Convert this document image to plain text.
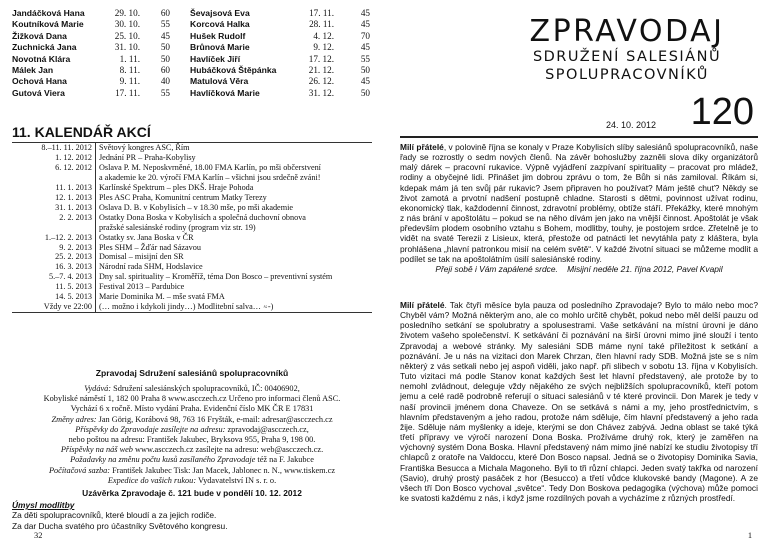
Jandáčková Hana
Koutníková Marie
Žižková Dana
Zuchnická Jana
Novotná Klára
Málek Jan
Ochová Hana
Gutová Viera
29. 10.
30. 10.
25. 10.
31. 10.
1. 11.
8. 11.
9. 11.
17. 11.
60
55
45
50
50
60
40
55
Ševajsová Eva
Korcová Halka
Hušek Rudolf
Brůnová Marie
Havlíček Jiří
Hubáčková Štěpánka
Matulová Věra
Havlíčková Marie
17. 11.
28. 11.
4. 12.
9. 12.
17. 12.
21. 12.
26. 12.
31. 12.
45
45
70
45
55
50
45
50
11. KALENDÁŘ AKCÍ
8.–11. 11. 2012 Světový kongres ASC, Řím
1. 12. 2012 Jednání PR – Praha-Kobylisy
6. 12. 2012 Oslava P. M. Neposkvrněné, 18.00 FMA Karlín, po mši občerstvení
a akademie ke 20. výročí FMA Karlín – všichni jsou srdečně zváni!
11. 1. 2013 Karlínské Spektrum – ples DKŠ. Hraje Pohoda
12. 1. 2013 Ples ASC Praha, Komunitní centrum Matky Terezy
31. 1. 2013 Oslava D. B. v Kobylisích – v 18.30 mše, po mši akademie
2. 2. 2013 Ostatky Dona Boska v Kobylisích a společná duchovní obnova
pražské salesiánské rodiny (program viz str. 19)
1.–12. 2. 2013 Ostatky sv. Jana Boska v ČR
9. 2. 2013 Ples SHM – Žďár nad Sázavou
25. 2. 2013 Domisal – misijní den SR
16. 3. 2013 Národní rada SHM, Hodslavice
5.–7. 4. 2013 Dny sal. spirituality – Kroměříž, téma Don Bosco – preventivní systém
11. 5. 2013 Festival 2013 – Pardubice
14. 5. 2013 Marie Dominika M. – mše svatá FMA
Vždy ve 22:00 (… možno i kdykoli jindy…) Modlitební salva… ⍨-)
Zpravodaj Sdružení salesiánů spolupracovníků

Vydává: Sdružení salesiánských spolupracovníků, IČ: 00406902,

Kobyliské náměstí 1, 182 00 Praha 8 www.ascczech.cz Určeno pro informaci členů ASC.

Vychází 6 x ročně. Místo vydání Praha. Evidenční číslo MK ČR E 17831

Změny adres: Jan Görig, Korábová 98, 763 16 Fryšták, e-mail: adresar@ascczech.cz

Příspěvky do Zpravodaje zasílejte na adresu: zpravodaj@ascczech.cz,

nebo poštou na adresu: František Jakubec, Bryksova 955, Praha 9, 198 00.

Příspěvky na náš web www.ascczech.cz zasílejte na adresu: web@ascczech.cz.

Požadavky na změnu počtu kusů zasílaného Zpravodaje též na F. Jakubce

Počítačová sazba: František Jakubec Tisk: Jan Macek, Jablonec n. N., www.tiskem.cz

Expedice do vašich rukou: Vydavatelství IN s. r. o.

Uzávěrka Zpravodaje č. 121 bude v pondělí 10. 12. 2012
Úmysl modlitby
Za děti spolupracovníků, které bloudí a za jejich rodiče.
Za dar Ducha svatého pro účastníky Světového kongresu.
32
ZPRAVODAJ
SDRUŽENÍ SALESIÁNŮ
SPOLUPRACOVNÍKŮ
24. 10. 2012 120

Milí přátelé, v polovině října se konaly v Praze Kobylisích slíby salesiánů spolupracovníků, naše řady se rozrostly o sedm nových členů. Na závěr bohoslužby zazněli slova díky organizátorů malý dárek – pracovní rukavice. Výpně vyjádření zazpívaní spirituality – pracovat pro mládež, rodiny a obyčejné lidi. Přinášet jim dobrou zprávu o tom, že Bůh si nás zamiloval. Říkám si, kdepak mám já ten svůj pár rukavic? Jsem připraven ho používat? Mám ještě chuť? Někdy se život zamotá a prvotní nadšení postupně chladne. Starosti s dětmi, povinnost užívat rodinu, ekonomický tlak, každodenní činnost, zdravotní problémy, obtíže stáří. Překážky, které mnohým z nás brání v apoštolátu – pokud se na něho dívám jen jako na vnější činnost. Apoštolát je však především plodem osobního vztahu s Bohem, modlitby, touhy, je postojem srdce. Zřetelně je to vidět na svaté Terezii z Lisieux, která, přestože od patnácti let nevytáhla paty z kláštera, byla prohlášena „hlavní patronkou misií na celém světě“. V každé životní situaci se můžeme modlit a podílet se tak na apoštolátním úsilí salesiánské rodiny.

Přeji sobě i Vám zapálené srdce. Misijní neděle 21. října 2012, Pavel Kvapil

Milí přátelé. Tak čtyři měsíce byla pauza od posledního Zpravodaje? Bylo to málo nebo moc? Chyběl vám? Možná některým ano, ale co mohlo určitě chybět, pokud nebo měl delší pauzu od posledního setkání se spolubratry a spolusestrami. Vaše setkávání na místní úrovni je dáno životem vašeho společenství. K setkávání či poznávání na širší úrovni mimo jiné slouží i tento Zpravodaj a webové stránky. My salesiáni SDB máme nyní také příležitost k setkání a poznávání. Je u nás na vizitaci don Marek Chrzan, člen hlavní rady SDB. Možná jste se s ním některý z vás setkali nebo jej aspoň viděli, jako např. při slibech v sobotu 13. října v Kobylisích. Tuto vizitaci má podle Stanov konat každých šest let hlavní představený, ale protože by to nemohl zvládnout, deleguje vždy nějakého ze svých nejbližších spolupracovníků, kteří potom jemu a celé radě podrobně referují o situaci salesiánů v té které provincii. Don Marek je tedy v naší provincii jménem dona Chaveze. On se setkává s námi a my, jeho prostřednictvím, s hlavním představeným a jeho radou, protože nám sděluje, čím hlavní představený a jeho rada žije. Sděluje nám myšlenky a ideje, kterými se don Chávez zabývá. Jedna oblast se také týká třetí přípravy ve výročí narození Dona Boska. Prožíváme druhý rok, který je zaměřen na výchovný systém Dona Boska. Hlavní představený nám mimo jiné nabízí ke studiu životopisy tří chlapců z oratoře na Valdoccu, které Don Bosco napsal. Jedná se o životopisy Dominika Savia, Františka Besucca a Michala Magoneho. Byli to tři různí chlapci. Jeden svatý takřka od narození (Savio), druhý prostý pasáček z hor (Besucco) a třetí vůdce klukovské bandy (Magone). A ze všech tří Don Bosco vychoval „světce“. Tedy Don Boskova pedagogika (výchova) může pomoci ke svatosti každému z nás, i když jsme rozdílných povah a vycházíme z různých prostředí.

1
